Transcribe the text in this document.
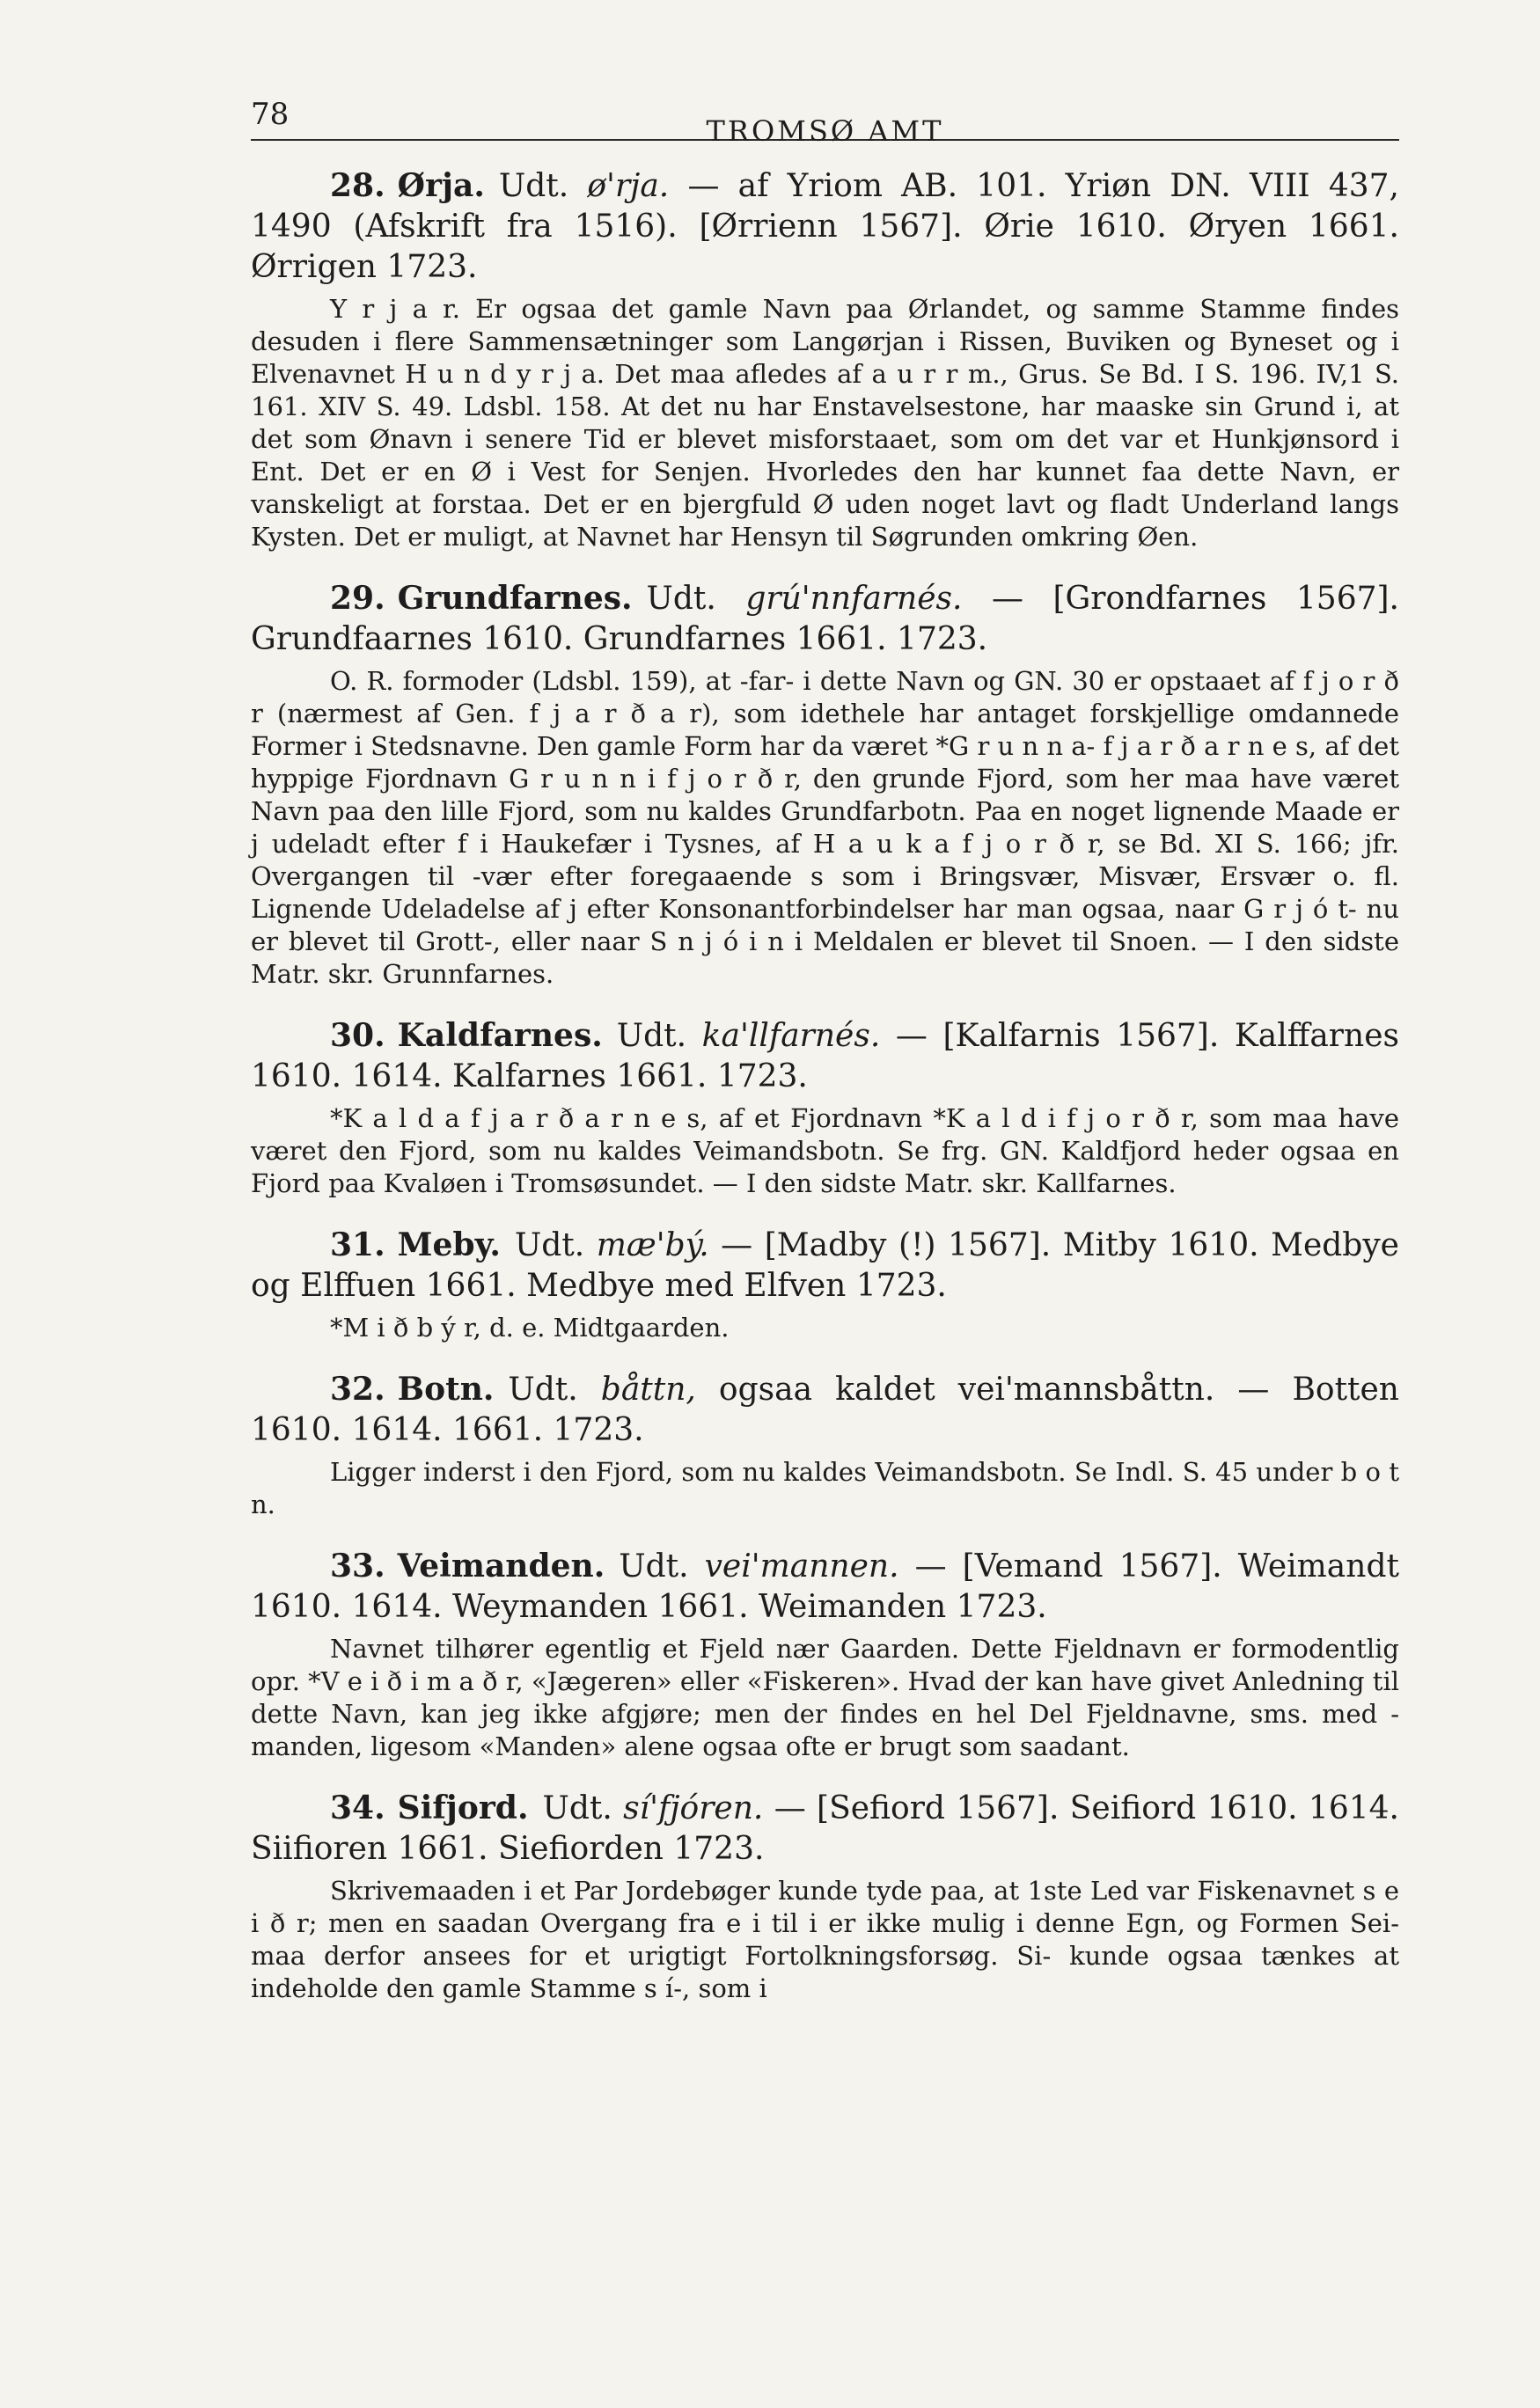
78	TROMSØ AMT
28. Ørja. Udt. ø'rja. — af Yriom AB. 101. Yriøn DN. VIII 437, 1490 (Afskrift fra 1516). [Ørrienn 1567]. Ørie 1610. Øryen 1661. Ørrigen 1723.
Y r j a r. Er ogsaa det gamle Navn paa Ørlandet, og samme Stamme findes desuden i flere Sammensætninger som Langørjan i Rissen, Buviken og Byneset og i Elvenavnet H u n d y r j a. Det maa afledes af a u r r m., Grus. Se Bd. I S. 196. IV,1 S. 161. XIV S. 49. Ldsbl. 158. At det nu har Enstavelsestone, har maaske sin Grund i, at det som Ønavn i senere Tid er blevet misforstaaet, som om det var et Hunkjønsord i Ent. Det er en Ø i Vest for Senjen. Hvorledes den har kunnet faa dette Navn, er vanskeligt at forstaa. Det er en bjergfuld Ø uden noget lavt og fladt Underland langs Kysten. Det er muligt, at Navnet har Hensyn til Søgrunden omkring Øen.
29. Grundfarnes. Udt. grú'nnfarnés. — [Grondfarnes 1567]. Grundfaarnes 1610. Grundfarnes 1661. 1723.
O. R. formoder (Ldsbl. 159), at -far- i dette Navn og GN. 30 er opstaaet af f j o r ð r (nærmest af Gen. f j a r ð a r), som idethele har antaget forskjellige omdannede Former i Stedsnavne. Den gamle Form har da været *G r u n n a- f j a r ð a r n e s, af det hyppige Fjordnavn G r u n n i f j o r ð r, den grunde Fjord, som her maa have været Navn paa den lille Fjord, som nu kaldes Grundfarbotn. Paa en noget lignende Maade er j udeladt efter f i Haukefær i Tysnes, af H a u k a f j o r ð r, se Bd. XI S. 166; jfr. Overgangen til -vær efter foregaaende s som i Bringsvær, Misvær, Ersvær o. fl. Lignende Udeladelse af j efter Konsonantforbindelser har man ogsaa, naar G r j ó t- nu er blevet til Grott-, eller naar S n j ó i n i Meldalen er blevet til Snoen. — I den sidste Matr. skr. Grunnfarnes.
30. Kaldfarnes. Udt. ka'llfarnés. — [Kalfarnis 1567]. Kalffarnes 1610. 1614. Kalfarnes 1661. 1723.
*K a l d a f j a r ð a r n e s, af et Fjordnavn *K a l d i f j o r ð r, som maa have været den Fjord, som nu kaldes Veimandsbotn. Se frg. GN. Kaldfjord heder ogsaa en Fjord paa Kvaløen i Tromsøsundet. — I den sidste Matr. skr. Kallfarnes.
31. Meby. Udt. mæ'bý. — [Madby (!) 1567]. Mitby 1610. Medbye og Elffuen 1661. Medbye med Elfven 1723.
*M i ð b ý r, d. e. Midtgaarden.
32. Botn. Udt. båttn, ogsaa kaldet vei'mannsbåttn. — Botten 1610. 1614. 1661. 1723.
Ligger inderst i den Fjord, som nu kaldes Veimandsbotn. Se Indl. S. 45 under b o t n.
33. Veimanden. Udt. vei'mannen. — [Vemand 1567]. Weimandt 1610. 1614. Weymanden 1661. Weimanden 1723.
Navnet tilhører egentlig et Fjeld nær Gaarden. Dette Fjeldnavn er formodentlig opr. *V e i ð i m a ð r, «Jægeren» eller «Fiskeren». Hvad der kan have givet Anledning til dette Navn, kan jeg ikke afgjøre; men der findes en hel Del Fjeldnavne, sms. med -manden, ligesom «Manden» alene ogsaa ofte er brugt som saadant.
34. Sifjord. Udt. sí'fjóren. — [Sefiord 1567]. Seifiord 1610. 1614. Siifioren 1661. Siefiorden 1723.
Skrivemaaden i et Par Jordebøger kunde tyde paa, at 1ste Led var Fiskenavnet s e i ð r; men en saadan Overgang fra e i til i er ikke mulig i denne Egn, og Formen Sei- maa derfor ansees for et urigtigt Fortolkningsforsøg. Si- kunde ogsaa tænkes at indeholde den gamle Stamme s í-, som i
